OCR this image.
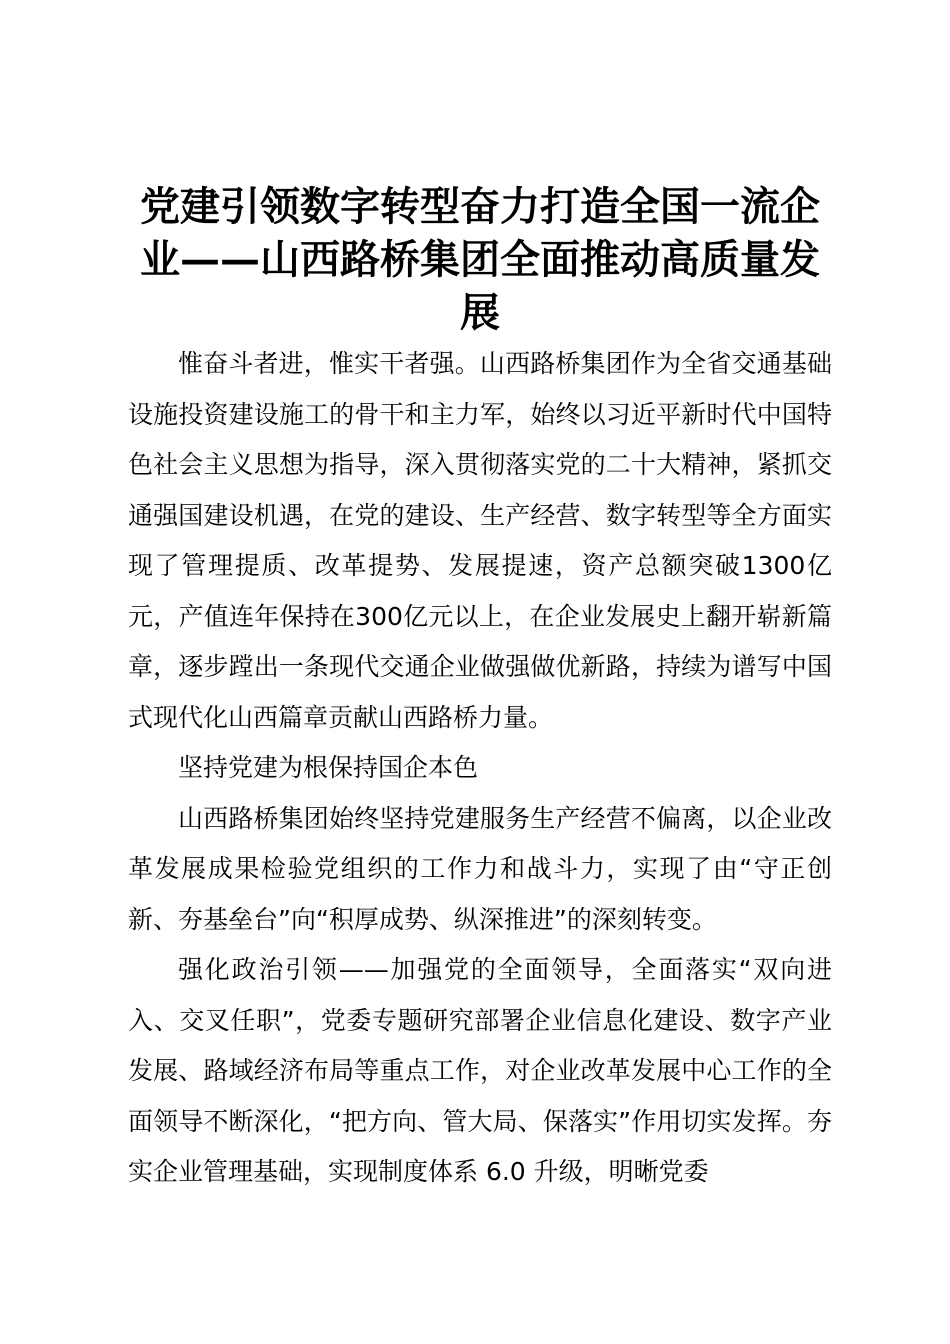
党建引领数字转型奋力打造全国一流企业——山西路桥集团全面推动高质量发展

惟奋斗者进，惟实干者强。山西路桥集团作为全省交通基础设施投资建设施工的骨干和主力军，始终以习近平新时代中国特色社会主义思想为指导，深入贯彻落实党的二十大精神，紧抓交通强国建设机遇，在党的建设、生产经营、数字转型等全方面实现了管理提质、改革提势、发展提速，资产总额突破1300亿元，产值连年保持在300亿元以上，在企业发展史上翻开崭新篇章，逐步蹚出一条现代交通企业做强做优新路，持续为谱写中国式现代化山西篇章贡献山西路桥力量。

坚持党建为根保持国企本色

山西路桥集团始终坚持党建服务生产经营不偏离，以企业改革发展成果检验党组织的工作力和战斗力，实现了由“守正创新、夯基垒台”向“积厚成势、纵深推进”的深刻转变。

强化政治引领——加强党的全面领导，全面落实“双向进入、交叉任职”，党委专题研究部署企业信息化建设、数字产业发展、路域经济布局等重点工作，对企业改革发展中心工作的全面领导不断深化，“把方向、管大局、保落实”作用切实发挥。夯实企业管理基础，实现制度体系 6.0 升级，明晰党委
